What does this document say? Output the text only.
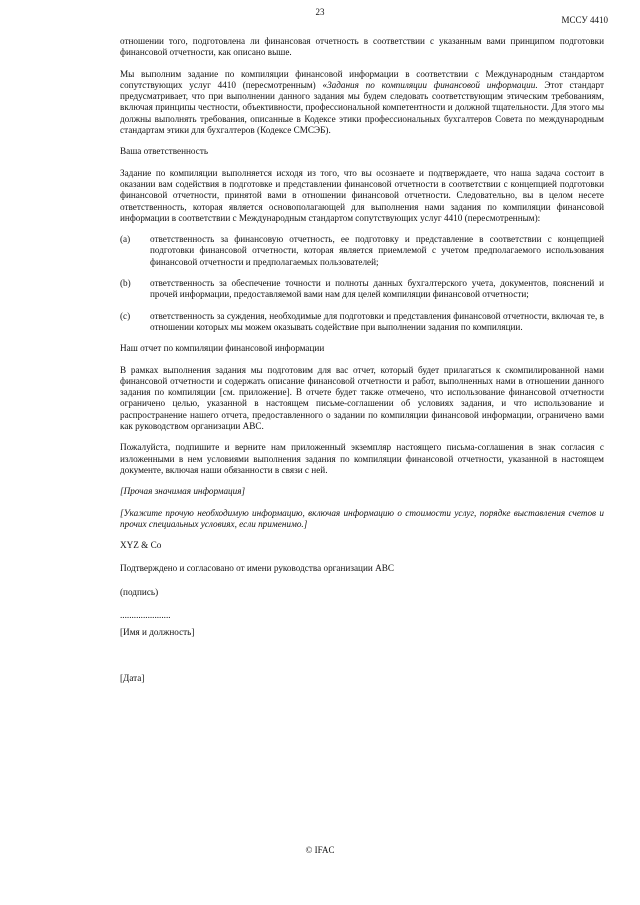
23
МССУ 4410

отношении того, подготовлена ли финансовая отчетность в соответствии с указанным вами принципом подготовки финансовой отчетности, как описано выше.

Мы выполним задание по компиляции финансовой информации в соответствии с Международным стандартом сопутствующих услуг 4410 (пересмотренным) «Задания по компиляции финансовой информации. Этот стандарт предусматривает, что при выполнении данного задания мы будем следовать соответствующим этическим требованиям, включая принципы честности, объективности, профессиональной компетентности и должной тщательности. Для этого мы должны выполнять требования, описанные в Кодексе этики профессиональных бухгалтеров Совета по международным стандартам этики для бухгалтеров (Кодексе СМСЭБ).

Ваша ответственность

Задание по компиляции выполняется исходя из того, что вы осознаете и подтверждаете, что наша задача состоит в оказании вам содействия в подготовке и представлении финансовой отчетности в соответствии с концепцией подготовки финансовой отчетности, принятой вами в отношении финансовой отчетности. Следовательно, вы в целом несете ответственность, которая является основополагающей для выполнения нами задания по компиляции финансовой информации в соответствии с Международным стандартом сопутствующих услуг 4410 (пересмотренным):

(a)	ответственность за финансовую отчетность, ее подготовку и представление в соответствии с концепцией подготовки финансовой отчетности, которая является приемлемой с учетом предполагаемого использования финансовой отчетности и предполагаемых пользователей;
(b)	ответственность за обеспечение точности и полноты данных бухгалтерского учета, документов, пояснений и прочей информации, предоставляемой вами нам для целей компиляции финансовой отчетности;
(c)	ответственность за суждения, необходимые для подготовки и представления финансовой отчетности, включая те, в отношении которых мы можем оказывать содействие при выполнении задания по компиляции.

Наш отчет по компиляции финансовой информации

В рамках выполнения задания мы подготовим для вас отчет, который будет прилагаться к скомпилированной нами финансовой отчетности и содержать описание финансовой отчетности и работ, выполненных нами в отношении данного задания по компиляции [см. приложение]. В отчете будет также отмечено, что использование финансовой отчетности ограничено целью, указанной в настоящем письме-соглашении об условиях задания, и что использование и распространение нашего отчета, предоставленного о задании по компиляции финансовой информации, ограничено вами как руководством организации ABC.

Пожалуйста, подпишите и верните нам приложенный экземпляр настоящего письма-соглашения в знак согласия с изложенными в нем условиями выполнения задания по компиляции финансовой отчетности, указанной в настоящем документе, включая наши обязанности в связи с ней.

[Прочая значимая информация]

[Укажите прочую необходимую информацию, включая информацию о стоимости услуг, порядке выставления счетов и прочих специальных условиях, если применимо.]

XYZ & Co

Подтверждено и согласовано от имени руководства организации ABC

(подпись)

......................

[Имя и должность]

[Дата]

© IFAC
